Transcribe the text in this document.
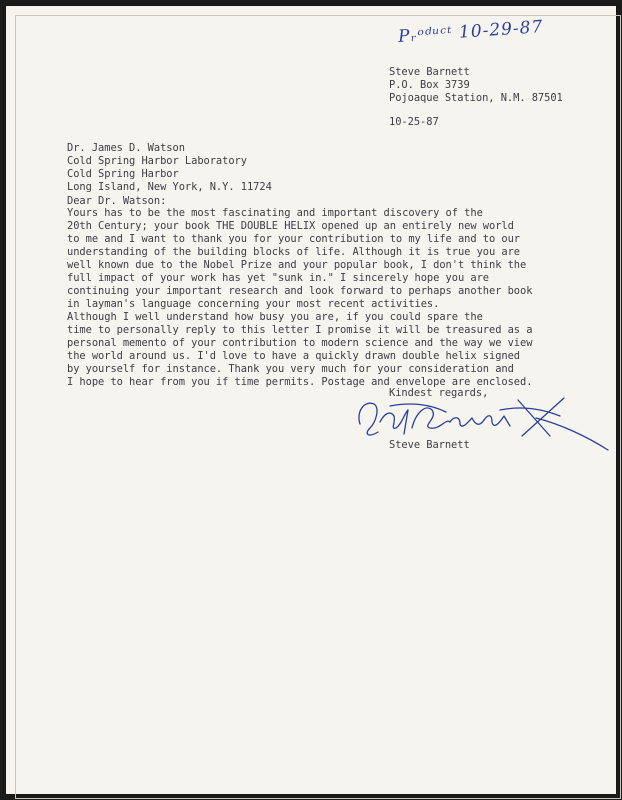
Pᵣᵒᵈᵘᶜᵗ 10-29-87
Steve Barnett
P.O. Box 3739
Pojoaque Station, N.M. 87501
10-25-87
Dr. James D. Watson
Cold Spring Harbor Laboratory
Cold Spring Harbor
Long Island, New York, N.Y. 11724
Dear Dr. Watson:
Yours has to be the most fascinating and important discovery of the
20th Century; your book THE DOUBLE HELIX opened up an entirely new world
to me and I want to thank you for your contribution to my life and to our
understanding of the building blocks of life. Although it is true you are
well known due to the Nobel Prize and your popular book, I don't think the
full impact of your work has yet "sunk in." I sincerely hope you are
continuing your important research and look forward to perhaps another book
in layman's language concerning your most recent activities.
Although I well understand how busy you are, if you could spare the
time to personally reply to this letter I promise it will be treasured as a
personal memento of your contribution to modern science and the way we view
the world around us. I'd love to have a quickly drawn double helix signed
by yourself for instance. Thank you very much for your consideration and
I hope to hear from you if time permits. Postage and envelope are enclosed.
Kindest regards,
Steve Barnett
